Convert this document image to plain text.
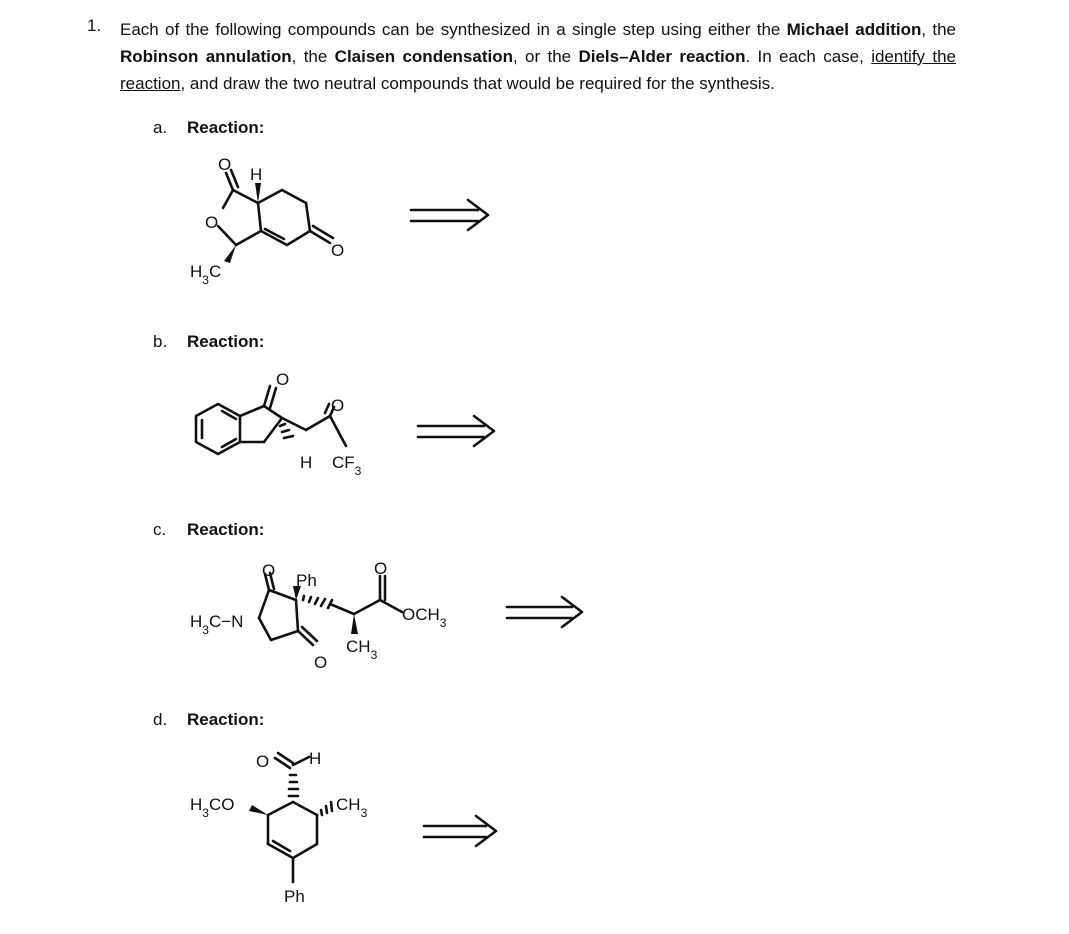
1. Each of the following compounds can be synthesized in a single step using either the Michael addition, the Robinson annulation, the Claisen condensation, or the Diels–Alder reaction. In each case, identify the reaction, and draw the two neutral compounds that would be required for the synthesis.
a. Reaction:
b. Reaction:
c. Reaction:
d. Reaction:
O
H
O
O
$H_3C$
O
O
H $CF_3$
O
Ph
O
$H_3C-N$	$OCH_3$
$CH_3$
O
O H
$H_3CO$	$CH_3$
Ph
